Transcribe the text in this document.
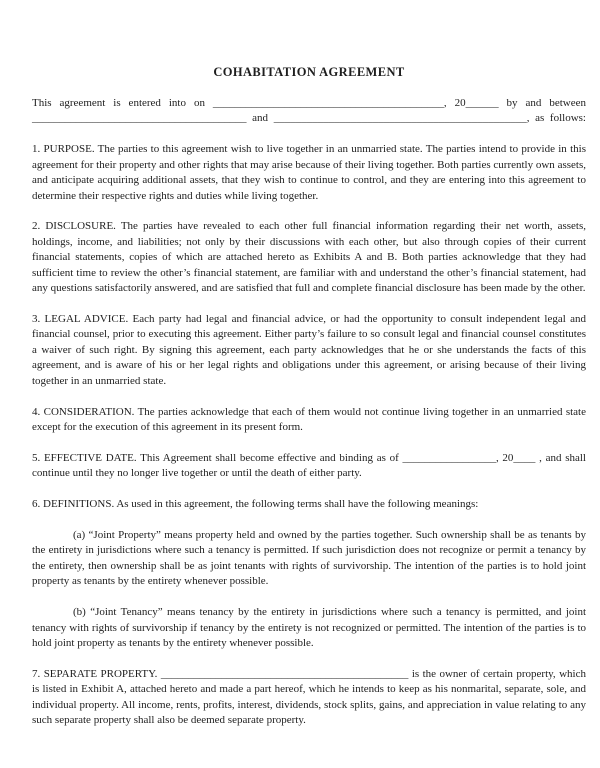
COHABITATION AGREEMENT

This agreement is entered into on __________________________________________, 20______ by and between _______________________________________ and ______________________________________________, as follows:

1. PURPOSE. The parties to this agreement wish to live together in an unmarried state. The parties intend to provide in this agreement for their property and other rights that may arise because of their living together. Both parties currently own assets, and anticipate acquiring additional assets, that they wish to continue to control, and they are entering into this agreement to determine their respective rights and duties while living together.

2. DISCLOSURE. The parties have revealed to each other full financial information regarding their net worth, assets, holdings, income, and liabilities; not only by their discussions with each other, but also through copies of their current financial statements, copies of which are attached hereto as Exhibits A and B. Both parties acknowledge that they had sufficient time to review the other’s financial statement, are familiar with and understand the other’s financial statement, had any questions satisfactorily answered, and are satisfied that full and complete financial disclosure has been made by the other.

3. LEGAL ADVICE. Each party had legal and financial advice, or had the opportunity to consult independent legal and financial counsel, prior to executing this agreement. Either party’s failure to so consult legal and financial counsel constitutes a waiver of such right. By signing this agreement, each party acknowledges that he or she understands the facts of this agreement, and is aware of his or her legal rights and obligations under this agreement, or arising because of their living together in an unmarried state.

4. CONSIDERATION. The parties acknowledge that each of them would not continue living together in an unmarried state except for the execution of this agreement in its present form.

5. EFFECTIVE DATE. This Agreement shall become effective and binding as of _________________, 20____ , and shall continue until they no longer live together or until the death of either party.

6. DEFINITIONS. As used in this agreement, the following terms shall have the following meanings:

(a) “Joint Property” means property held and owned by the parties together. Such ownership shall be as tenants by the entirety in jurisdictions where such a tenancy is permitted. If such jurisdiction does not recognize or permit a tenancy by the entirety, then ownership shall be as joint tenants with rights of survivorship. The intention of the parties is to hold joint property as tenants by the entirety whenever possible.

(b) “Joint Tenancy” means tenancy by the entirety in jurisdictions where such a tenancy is permitted, and joint tenancy with rights of survivorship if tenancy by the entirety is not recognized or permitted. The intention of the parties is to hold joint property as tenants by the entirety whenever possible.

7. SEPARATE PROPERTY. _____________________________________________ is the owner of certain property, which is listed in Exhibit A, attached hereto and made a part hereof, which he intends to keep as his nonmarital, separate, sole, and individual property. All income, rents, profits, interest, dividends, stock splits, gains, and appreciation in value relating to any such separate property shall also be deemed separate property.
